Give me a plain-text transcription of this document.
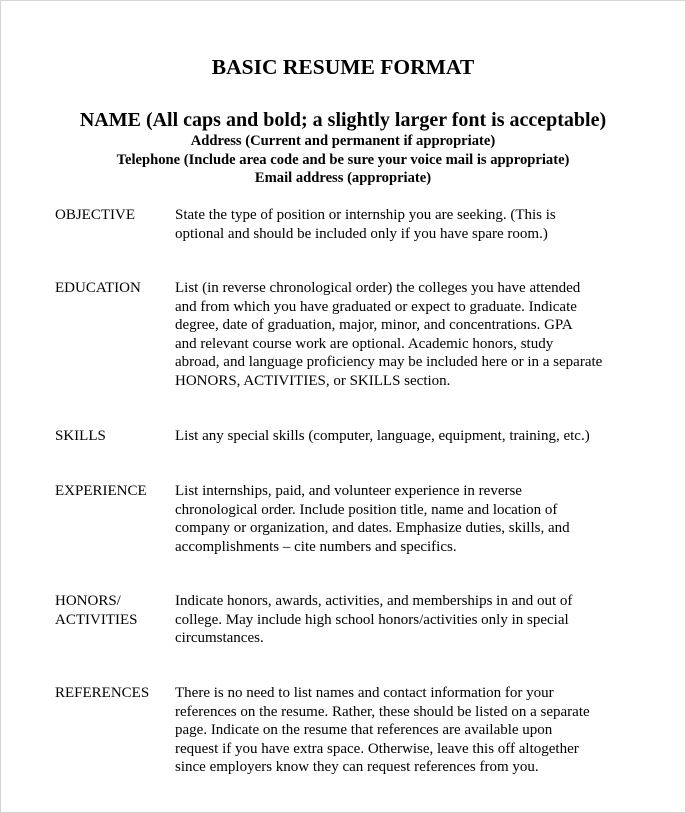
BASIC RESUME FORMAT
NAME (All caps and bold; a slightly larger font is acceptable)
Address (Current and permanent if appropriate)
Telephone (Include area code and be sure your voice mail is appropriate)
Email address (appropriate)
OBJECTIVE	State the type of position or internship you are seeking. (This is
optional and should be included only if you have spare room.)
EDUCATION List (in reverse chronological order) the colleges you have attended
and from which you have graduated or expect to graduate. Indicate
degree, date of graduation, major, minor, and concentrations. GPA
and relevant course work are optional. Academic honors, study
abroad, and language proficiency may be included here or in a separate
HONORS, ACTIVITIES, or SKILLS section.
SKILLS	List any special skills (computer, language, equipment, training, etc.)
EXPERIENCE List internships, paid, and volunteer experience in reverse
chronological order. Include position title, name and location of
company or organization, and dates. Emphasize duties, skills, and
accomplishments – cite numbers and specifics.
HONORS/
ACTIVITIES
Indicate honors, awards, activities, and memberships in and out of
college. May include high school honors/activities only in special
circumstances.
REFERENCES There is no need to list names and contact information for your
references on the resume. Rather, these should be listed on a separate
page. Indicate on the resume that references are available upon
request if you have extra space. Otherwise, leave this off altogether
since employers know they can request references from you.
